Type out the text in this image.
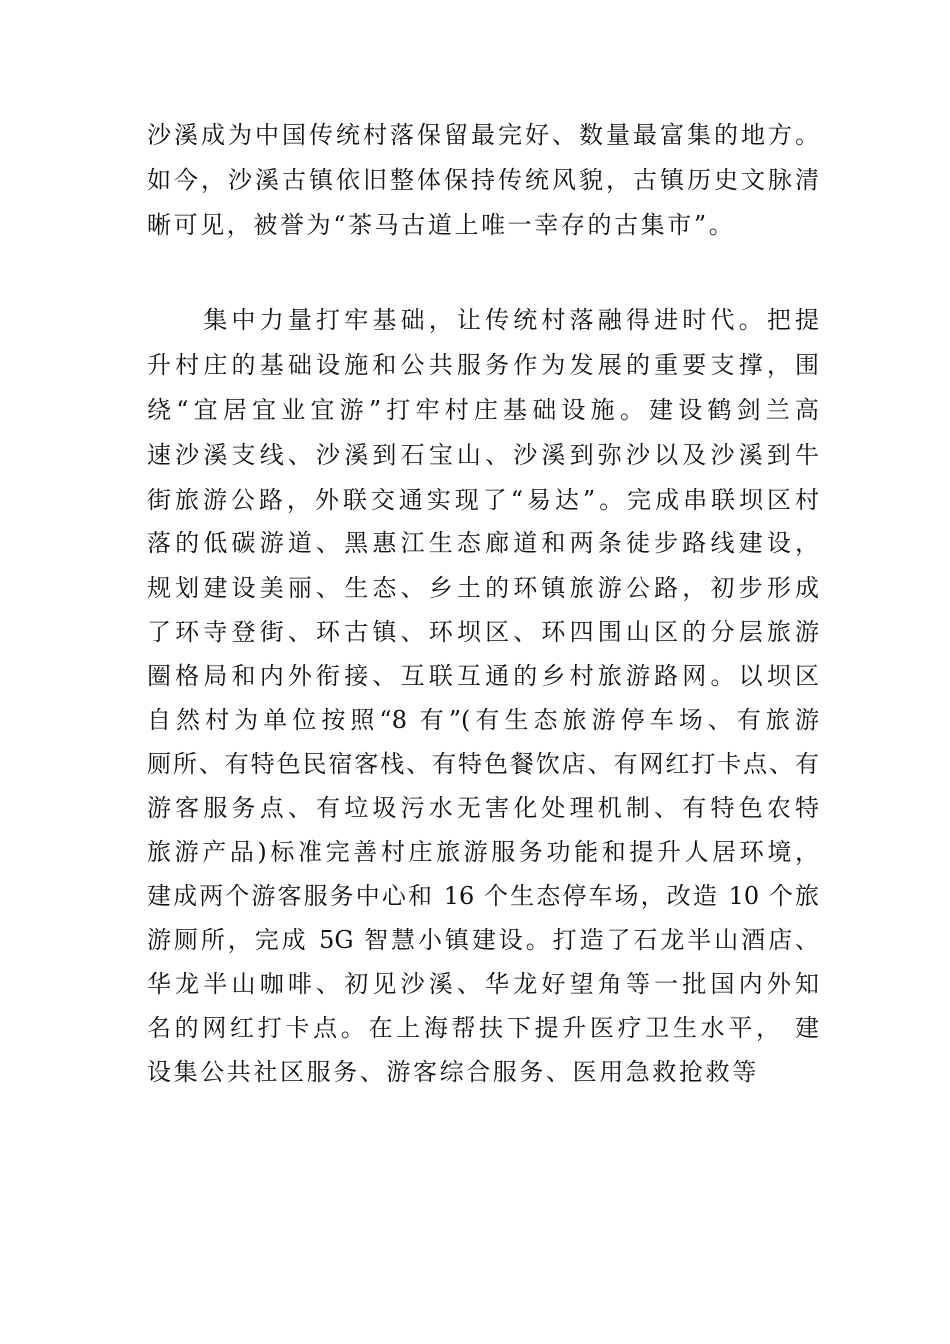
沙溪成为中国传统村落保留最完好、数量最富集的地方。
如今，沙溪古镇依旧整体保持传统风貌，古镇历史文脉清
晰可见，被誉为“茶马古道上唯一幸存的古集市”。
　　集中力量打牢基础，让传统村落融得进时代。把提
升村庄的基础设施和公共服务作为发展的重要支撑，围
绕“宜居宜业宜游”打牢村庄基础设施。建设鹤剑兰高
速沙溪支线、沙溪到石宝山、沙溪到弥沙以及沙溪到牛
街旅游公路，外联交通实现了“易达”。完成串联坝区村
落的低碳游道、黑惠江生态廊道和两条徒步路线建设，
规划建设美丽、生态、乡土的环镇旅游公路，初步形成
了环寺登街、环古镇、环坝区、环四围山区的分层旅游
圈格局和内外衔接、互联互通的乡村旅游路网。以坝区
自然村为单位按照“8 有”(有生态旅游停车场、有旅游
厕所、有特色民宿客栈、有特色餐饮店、有网红打卡点、有
游客服务点、有垃圾污水无害化处理机制、有特色农特
旅游产品)标准完善村庄旅游服务功能和提升人居环境，
建成两个游客服务中心和 16 个生态停车场，改造 10 个旅
游厕所，完成 5G 智慧小镇建设。打造了石龙半山酒店、
华龙半山咖啡、初见沙溪、华龙好望角等一批国内外知
名的网红打卡点。在上海帮扶下提升医疗卫生水平， 建
设集公共社区服务、游客综合服务、医用急救抢救等
